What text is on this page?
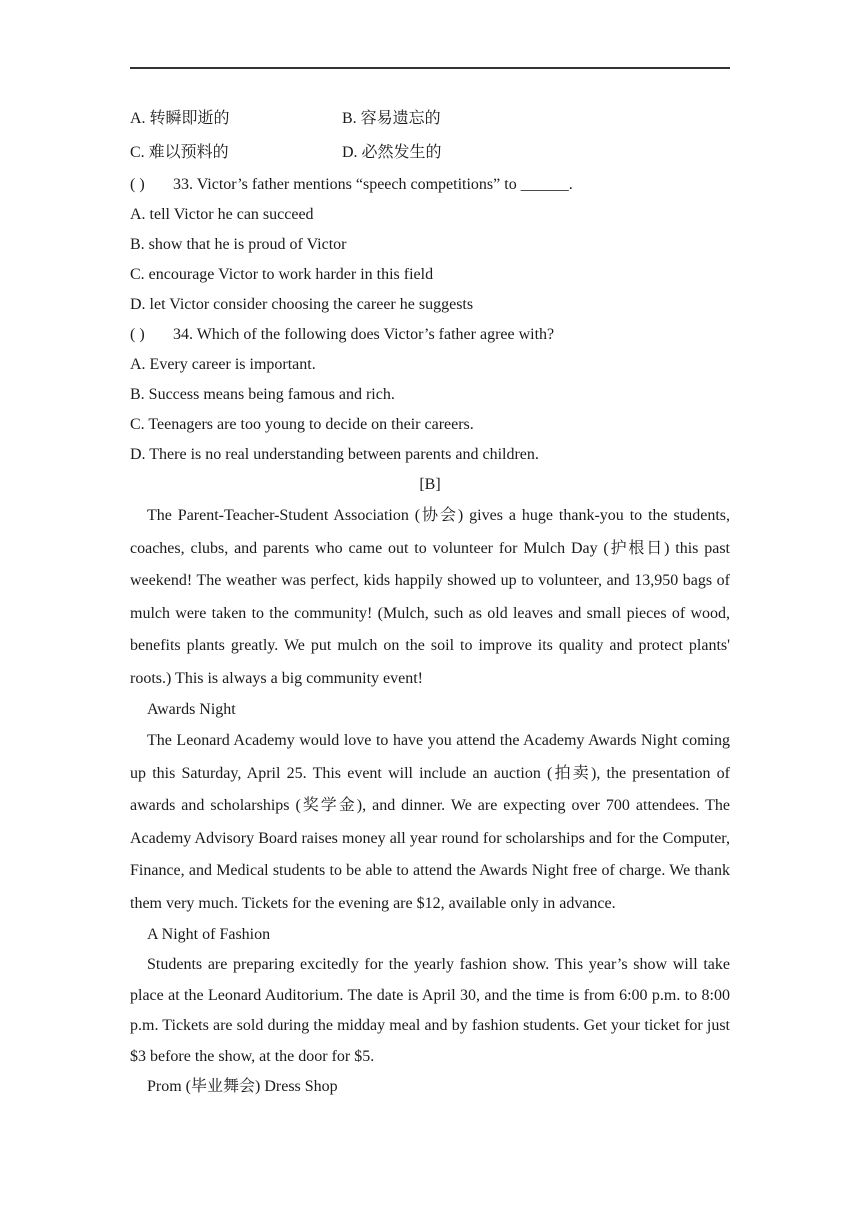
A. 转瞬即逝的	B. 容易遗忘的
C. 难以预料的	D. 必然发生的
( ) 33. Victor’s father mentions “speech competitions” to ______.
A. tell Victor he can succeed
B. show that he is proud of Victor
C. encourage Victor to work harder in this field
D. let Victor consider choosing the career he suggests
( ) 34. Which of the following does Victor’s father agree with?
A. Every career is important.
B. Success means being famous and rich.
C. Teenagers are too young to decide on their careers.
D. There is no real understanding between parents and children.
[B]

The Parent-Teacher-Student Association (协会) gives a huge thank-you to the students, coaches, clubs, and parents who came out to volunteer for Mulch Day (护根日) this past weekend! The weather was perfect, kids happily showed up to volunteer, and 13,950 bags of mulch were taken to the community! (Mulch, such as old leaves and small pieces of wood, benefits plants greatly. We put mulch on the soil to improve its quality and protect plants' roots.) This is always a big community event!

Awards Night

The Leonard Academy would love to have you attend the Academy Awards Night coming up this Saturday, April 25. This event will include an auction (拍卖), the presentation of awards and scholarships (奖学金), and dinner. We are expecting over 700 attendees. The Academy Advisory Board raises money all year round for scholarships and for the Computer, Finance, and Medical students to be able to attend the Awards Night free of charge. We thank them very much. Tickets for the evening are $12, available only in advance.

A Night of Fashion

Students are preparing excitedly for the yearly fashion show. This year’s show will take place at the Leonard Auditorium. The date is April 30, and the time is from 6:00 p.m. to 8:00 p.m. Tickets are sold during the midday meal and by fashion students. Get your ticket for just $3 before the show, at the door for $5.

Prom (毕业舞会) Dress Shop
